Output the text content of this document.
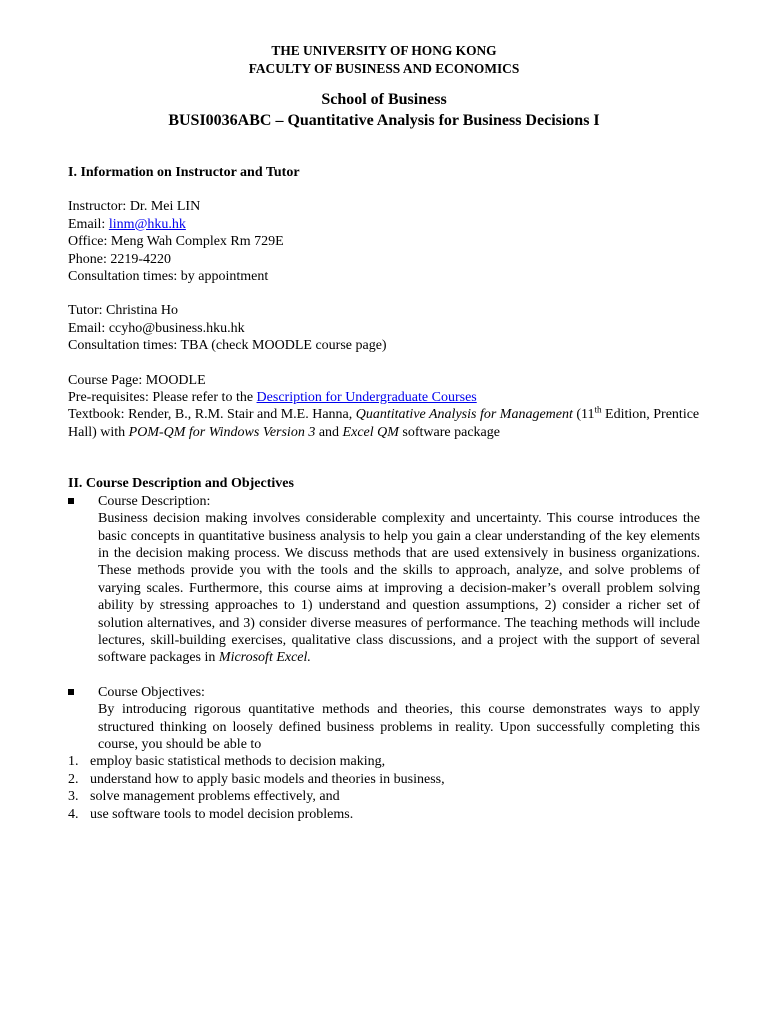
THE UNIVERSITY OF HONG KONG
FACULTY OF BUSINESS AND ECONOMICS
School of Business
BUSI0036ABC – Quantitative Analysis for Business Decisions I
I. Information on Instructor and Tutor
Instructor: Dr. Mei LIN
Email: linm@hku.hk
Office: Meng Wah Complex Rm 729E
Phone: 2219-4220
Consultation times: by appointment
Tutor: Christina Ho
Email: ccyho@business.hku.hk
Consultation times: TBA (check MOODLE course page)
Course Page: MOODLE
Pre-requisites: Please refer to the Description for Undergraduate Courses
Textbook: Render, B., R.M. Stair and M.E. Hanna, Quantitative Analysis for Management (11th Edition, Prentice Hall) with POM-QM for Windows Version 3 and Excel QM software package
II. Course Description and Objectives
Course Description:
Business decision making involves considerable complexity and uncertainty. This course introduces the basic concepts in quantitative business analysis to help you gain a clear understanding of the key elements in the decision making process. We discuss methods that are used extensively in business organizations. These methods provide you with the tools and the skills to approach, analyze, and solve problems of varying scales. Furthermore, this course aims at improving a decision-maker’s overall problem solving ability by stressing approaches to 1) understand and question assumptions, 2) consider a richer set of solution alternatives, and 3) consider diverse measures of performance. The teaching methods will include lectures, skill-building exercises, qualitative class discussions, and a project with the support of several software packages in Microsoft Excel.
Course Objectives:
By introducing rigorous quantitative methods and theories, this course demonstrates ways to apply structured thinking on loosely defined business problems in reality. Upon successfully completing this course, you should be able to
1. employ basic statistical methods to decision making,
2. understand how to apply basic models and theories in business,
3. solve management problems effectively, and
4. use software tools to model decision problems.
